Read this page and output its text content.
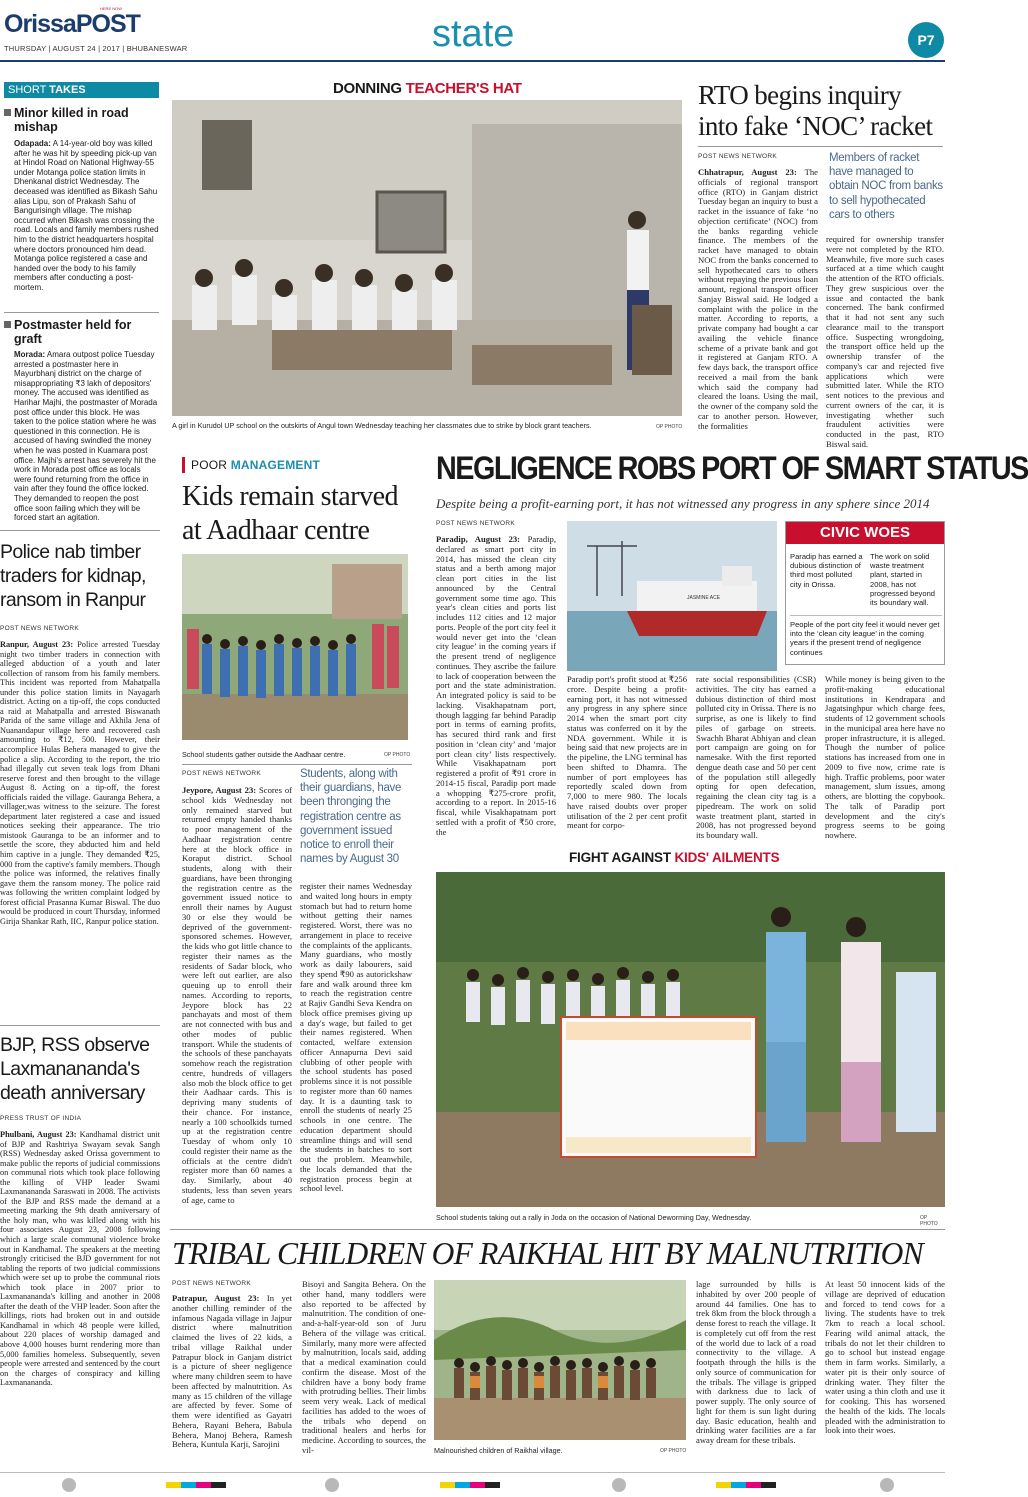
OrissaPOST
HERE NOW
THURSDAY | AUGUST 24 | 2017 | BHUBANESWAR	state	P7
SHORT TAKES
Minor killed in road mishap
Odapada: A 14-year-old boy was killed after he was hit by speeding pick-up van at Hindol Road on National Highway-55 under Motanga police station limits in Dhenkanal district Wednesday. The deceased was identified as Bikash Sahu alias Lipu, son of Prakash Sahu of Bangurisingh village. The mishap occurred when Bikash was crossing the road. Locals and family members rushed him to the district headquarters hospital where doctors pronounced him dead. Motanga police registered a case and handed over the body to his family members after conducting a post-mortem.
Postmaster held for graft
Morada: Amara outpost police Tuesday arrested a postmaster here in Mayurbhanj district on the charge of misappropriating ₹3 lakh of depositors' money. The accused was identified as Harihar Majhi, the postmaster of Morada post office under this block. He was taken to the police station where he was questioned in this connection. He is accused of having swindled the money when he was posted in Kuamara post office. Majhi's arrest has severely hit the work in Morada post office as locals were found returning from the office in vain after they found the office locked. They demanded to reopen the post office soon failing which they will be forced start an agitation.
Police nab timber traders for kidnap, ransom in Ranpur
POST NEWS NETWORK
Ranpur, August 23: Police arrested Tuesday night two timber traders in connection with alleged abduction of a youth and later collection of ransom from his family members. This incident was reported from Mahatpalla under this police station limits in Nayagarh district. Acting on a tip-off, the cops conducted a raid at Mahatpalla and arrested Biswanath Parida of the same village and Akhila Jena of Nuanandapur village here and recovered cash amounting to ₹12, 500. However, their accomplice Hulas Behera managed to give the police a slip. According to the report, the trio had illegally cut seven teak logs from Dhani reserve forest and then brought to the village August 8. Acting on a tip-off, the forest officials raided the village. Gauranga Behera, a villager,was witness to the seizure. The forest department later registered a case and issued notices seeking their appearance. The trio mistook Gauranga to be an informer and to settle the score, they abducted him and held him captive in a jungle. They demanded ₹25, 000 from the captive's family members. Though the police was informed, the relatives finally gave them the ransom money. The police raid was following the written complaint lodged by forest official Prasanna Kumar Biswal. The duo would be produced in court Thursday, informed Girija Shankar Rath, IIC, Ranpur police station.
BJP, RSS observe Laxmanananda's death anniversary
PRESS TRUST OF INDIA
Phulbani, August 23: Kandhamal district unit of BJP and Rashtriya Swayam sevak Sangh (RSS) Wednesday asked Orissa government to make public the reports of judicial commissions on communal riots which took place following the killing of VHP leader Swami Laxmanananda Saraswati in 2008. The activists of the BJP and RSS made the demand at a meeting marking the 9th death anniversary of the holy man, who was killed along with his four associates August 23, 2008 following which a large scale communal violence broke out in Kandhamal. The speakers at the meeting strongly criticised the BJD government for not tabling the reports of two judicial commissions which were set up to probe the communal riots which took place in 2007 prior to Laxmanananda's killing and another in 2008 after the death of the VHP leader. Soon after the killings, riots had broken out in and outside Kandhamal in which 48 people were killed, about 220 places of worship damaged and above 4,000 houses burnt rendering more than 5,000 families homeless. Subsequently, seven people were arrested and sentenced by the court on the charges of conspiracy and killing Laxmanananda.
DONNING TEACHER'S HAT
A girl in Kurudol UP school on the outskirts of Angul town Wednesday teaching her classmates due to strike by block grant teachers.	OP PHOTO
RTO begins inquiry into fake ‘NOC’ racket
POST NEWS NETWORK
Chhatrapur, August 23: The officials of regional transport office (RTO) in Ganjam district Tuesday began an inquiry to bust a racket in the issuance of fake ‘no objection certificate’ (NOC) from the banks regarding vehicle finance. The members of the racket have managed to obtain NOC from the banks concerned to sell hypothecated cars to others without repaying the previous loan amount, regional transport officer Sanjay Biswal said. He lodged a complaint with the police in the matter. According to reports, a private company had bought a car availing the vehicle finance scheme of a private bank and got it registered at Ganjam RTO. A few days back, the transport office received a mail from the bank which said the company had cleared the loans. Using the mail, the owner of the company sold the car to another person. However, the formalities
Members of racket have managed to obtain NOC from banks to sell hypothecated cars to others
required for ownership transfer were not completed by the RTO. Meanwhile, five more such cases surfaced at a time which caught the attention of the RTO officials. They grew suspicious over the issue and contacted the bank concerned. The bank confirmed that it had not sent any such clearance mail to the transport office. Suspecting wrongdoing, the transport office held up the ownership transfer of the company's car and rejected five applications which were submitted later. While the RTO sent notices to the previous and current owners of the car, it is investigating whether such fraudulent activities were conducted in the past, RTO Biswal said.
POOR MANAGEMENT
Kids remain starved at Aadhaar centre
School students gather outside the Aadhaar centre.	OP PHOTO
POST NEWS NETWORK
Jeypore, August 23: Scores of school kids Wednesday not only remained starved but returned empty handed thanks to poor management of the Aadhaar registration centre here at the block office in Koraput district. School students, along with their guardians, have been thronging the registration centre as the government issued notice to enroll their names by August 30 or else they would be deprived of the government-sponsored schemes. However, the kids who got little chance to register their names as the residents of Sadar block, who were left out earlier, are also queuing up to enroll their names. According to reports, Jeypore block has 22 panchayats and most of them are not connected with bus and other modes of public transport. While the students of the schools of these panchayats somehow reach the registration centre, hundreds of villagers also mob the block office to get their Aadhaar cards. This is depriving many students of their chance. For instance, nearly a 100 schoolkids turned up at the registration centre Tuesday of whom only 10 could register their name as the officials at the centre didn't register more than 60 names a day. Similarly, about 40 students, less than seven years of age, came to
Students, along with their guardians, have been thronging the registration centre as government issued notice to enroll their names by August 30
register their names Wednesday and waited long hours in empty stomach but had to return home without getting their names registered. Worst, there was no arrangement in place to receive the complaints of the applicants. Many guardians, who mostly work as daily labourers, said they spend ₹90 as autorickshaw fare and walk around three km to reach the registration centre at Rajiv Gandhi Seva Kendra on block office premises giving up a day's wage, but failed to get their names registered. When contacted, welfare extension officer Annapurna Devi said clubbing of other people with the school students has posed problems since it is not possible to register more than 60 names day. It is a daunting task to enroll the students of nearly 25 schools in one centre. The education department should streamline things and will send the students in batches to sort out the problem. Meanwhile, the locals demanded that the registration process begin at school level.
NEGLIGENCE ROBS PORT OF SMART STATUS
Despite being a profit-earning port, it has not witnessed any progress in any sphere since 2014
POST NEWS NETWORK
Paradip, August 23: Paradip, declared as smart port city in 2014, has missed the clean city status and a berth among major clean port cities in the list announced by the Central government some time ago. This year's clean cities and ports list includes 112 cities and 12 major ports. People of the port city feel it would never get into the ‘clean city league’ in the coming years if the present trend of negligence continues. They ascribe the failure to lack of cooperation between the port and the state administration. An integrated policy is said to be lacking. Visakhapatnam port, though lagging far behind Paradip port in terms of earning profits, has secured third rank and first position in ‘clean city’ and ‘major port clean city’ lists respectively. While Visakhapatnam port registered a profit of ₹91 crore in 2014-15 fiscal, Paradip port made a whopping ₹275-crore profit, according to a report. In 2015-16 fiscal, while Visakhapatnam port settled with a profit of ₹50 crore, the
JASMINE ACE
CIVIC WOES
Paradip has earned a dubious distinction of third most polluted city in Orissa.
The work on solid waste treatment plant, started in 2008, has not progressed beyond its boundary wall.
People of the port city feel it would never get into the ‘clean city league’ in the coming years if the present trend of negligence continues
Paradip port's profit stood at ₹256 crore. Despite being a profit-earning port, it has not witnessed any progress in any sphere since 2014 when the smart port city status was conferred on it by the NDA government. While it is being said that new projects are in the pipeline, the LNG terminal has been shifted to Dhamra. The number of port employees has reportedly scaled down from 7,000 to mere 980. The locals have raised doubts over proper utilisation of the 2 per cent profit meant for corpo-
rate social responsibilities (CSR) activities. The city has earned a dubious distinction of third most polluted city in Orissa. There is no surprise, as one is likely to find piles of garbage on streets. Swachh Bharat Abhiyan and clean port campaign are going on for namesake. With the first reported dengue death case and 50 per cent of the population still allegedly opting for open defecation, regaining the clean city tag is a pipedream. The work on solid waste treatment plant, started in 2008, has not progressed beyond its boundary wall.
While money is being given to the profit-making educational institutions in Kendrapara and Jagatsinghpur which charge fees, students of 12 government schools in the municipal area here have no proper infrastructure, it is alleged. Though the number of police stations has increased from one in 2009 to five now, crime rate is high. Traffic problems, poor water management, slum issues, among others, are blotting the copybook. The talk of Paradip port development and the city's progress seems to be going nowhere.
FIGHT AGAINST KIDS' AILMENTS
School students taking out a rally in Joda on the occasion of National Deworming Day, Wednesday.	OP PHOTO
TRIBAL CHILDREN OF RAIKHAL HIT BY MALNUTRITION
POST NEWS NETWORK
Patrapur, August 23: In yet another chilling reminder of the infamous Nagada village in Jajpur district where malnutrition claimed the lives of 22 kids, a tribal village Raikhal under Patrapur block in Ganjam district is a picture of sheer negligence where many children seem to have been affected by malnutrition. As many as 15 children of the village are affected by fever. Some of them were identified as Gayatri Behera, Rayani Behera, Babula Behera, Manoj Behera, Ramesh Behera, Kuntula Karji, Sarojini
Bisoyi and Sangita Behera. On the other hand, many toddlers were also reported to be affected by malnutrition. The condition of one-and-a-half-year-old son of Juru Behera of the village was critical. Similarly, many more were affected by malnutrition, locals said, adding that a medical examination could confirm the disease. Most of the children have a bony body frame with protruding bellies. Their limbs seem very weak. Lack of medical facilities has added to the woes of the tribals who depend on traditional healers and herbs for medicine. According to sources, the vil-	Malnourished children of Raikhal village.	OP PHOTO
lage surrounded by hills is inhabited by over 200 people of around 44 families. One has to trek 8km from the block through a dense forest to reach the village. It is completely cut off from the rest of the world due to lack of a road connectivity to the village. A footpath through the hills is the only source of communication for the tribals. The village is gripped with darkness due to lack of power supply. The only source of light for them is sun light during day. Basic education, health and drinking water facilities are a far away dream for these tribals.
At least 50 innocent kids of the village are deprived of education and forced to tend cows for a living. The students have to trek 7km to reach a local school. Fearing wild animal attack, the tribals do not let their children to go to school but instead engage them in farm works. Similarly, a water pit is their only source of drinking water. They filter the water using a thin cloth and use it for cooking. This has worsened the health of the kids. The locals pleaded with the administration to look into their woes.
